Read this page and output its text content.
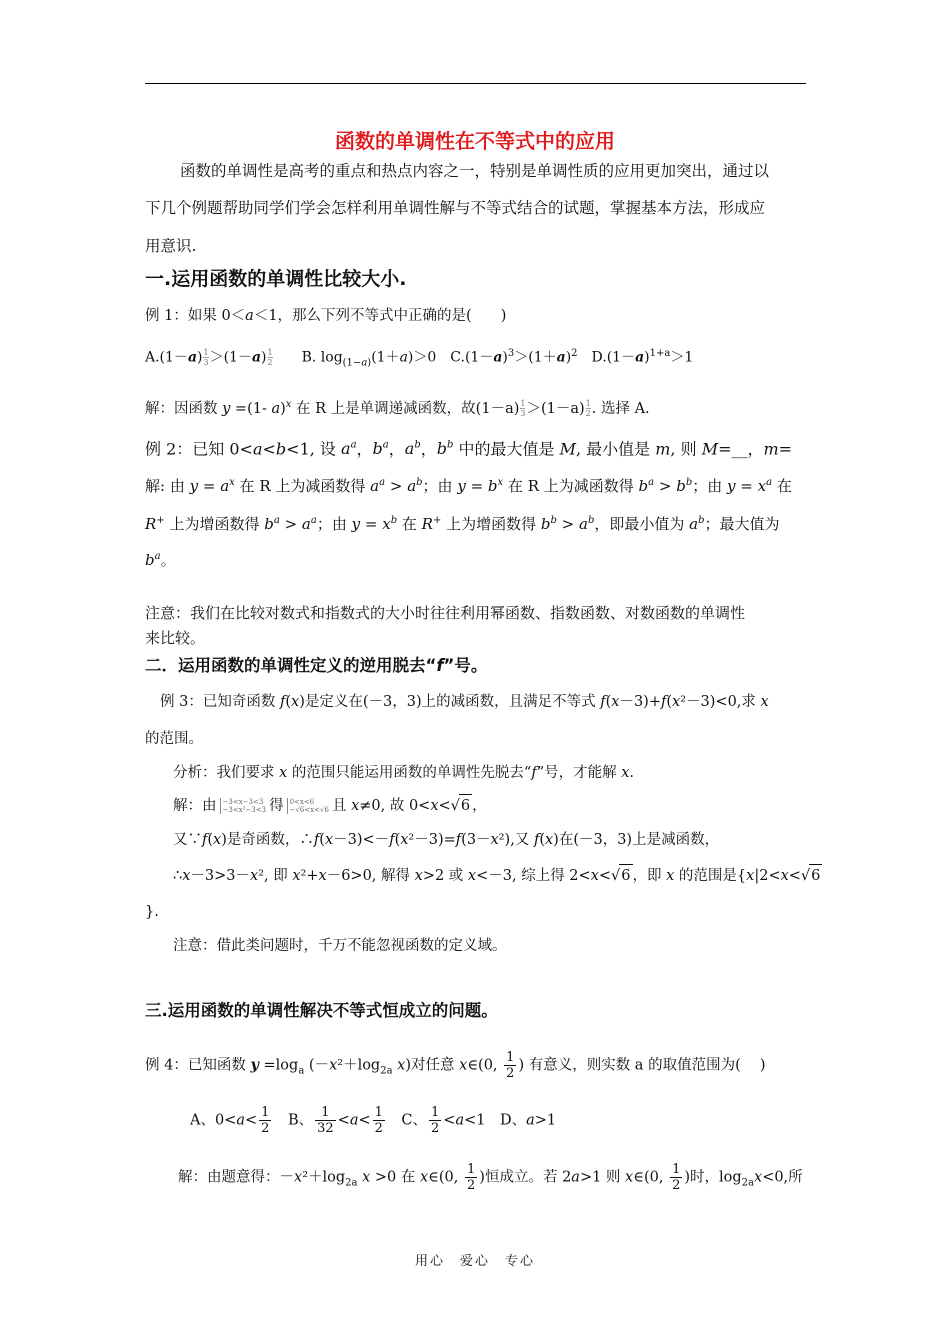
函数的单调性在不等式中的应用
函数的单调性是高考的重点和热点内容之一，特别是单调性质的应用更加突出，通过以
下几个例题帮助同学们学会怎样利用单调性解与不等式结合的试题，掌握基本方法，形成应
用意识.
一.运用函数的单调性比较大小.
例 1：如果 0＜a＜1，那么下列不等式中正确的是(　　)
$A.(1-a) \frac{1}{3} >(1-a) \frac{1}{2}$ 　　B. $\log_{(1-a)}(1+a)>0$　$C.(1-a)^3>(1+a)^2$　$D.(1-a)^{1+a}>1$
解：因函数 y =(1- a)$^x$ 在 R 上是单调递减函数，故$(1-a) \frac{1}{3} >(1-a) \frac{1}{2}$ . 选择 A.
例 2：已知 0<a<b<1, 设 $a^a$，$b^a$，$a^b$，$b^b$ 中的最大值是 M, 最小值是 m, 则 M=__，m=
解: 由 $y = a^x$ 在 R 上为减函数得 $a^a > a^b$；由 $y = b^x$ 在 R 上为减函数得 $b^a > b^b$；由 $y = x^a$ 在
R+ 上为增函数得 $b^a > a^a$；由 $y = x^b$ 在 R+ 上为增函数得 $b^b > a^b$，即最小值为 $a^b$；最大值为
$b^a$。
注意：我们在比较对数式和指数式的大小时往往利用幂函数、指数函数、对数函数的单调性
来比较。
二．运用函数的单调性定义的逆用脱去“f”号。
例 3：已知奇函数 f(x)是定义在(－3，3)上的减函数，且满足不等式 f(x－3)+f(x²－3)<0,求 x
的范围。
分析：我们要求 x 的范围只能运用函数的单调性先脱去“f”号，才能解 x.
解：由 −3<x−3<3
−3<x²−3<3 得 0<x<6
−√6<x<√6 且 x≠0, 故 0<x<√6 ，
又∵f(x)是奇函数，∴f(x－3)<－f(x²－3)=f(3－x²),又 f(x)在(－3，3)上是减函数，
∴x－3>3－x², 即 x²+x－6>0, 解得 x>2 或 x<－3, 综上得 2<x<√6 ，即 x 的范围是{x|2<x<√6
}.
注意：借此类问题时，千万不能忽视函数的定义域。
三.运用函数的单调性解决不等式恒成立的问题。
例 4：已知函数 $y =\log_a$ ($-x^2+\log_{2a}$ x)对任意 x∈(0, $\frac{1}{2}$ ) 有意义，则实数 a 的取值范围为(　 )
A、$0<a< \frac{1}{2}$ 　B、 $\frac{1}{32} <a< \frac{1}{2}$ 　C、 $\frac{1}{2} <a<1$　D、a>1
解：由题意得：$-x^2+\log_{2a}$ x >0 在 x∈(0, $\frac{1}{2}$ )恒成立。若 2a>1 则 x∈(0, $\frac{1}{2}$ )时，$\log_{2a}x<0$,所
用心　爱心　专心
